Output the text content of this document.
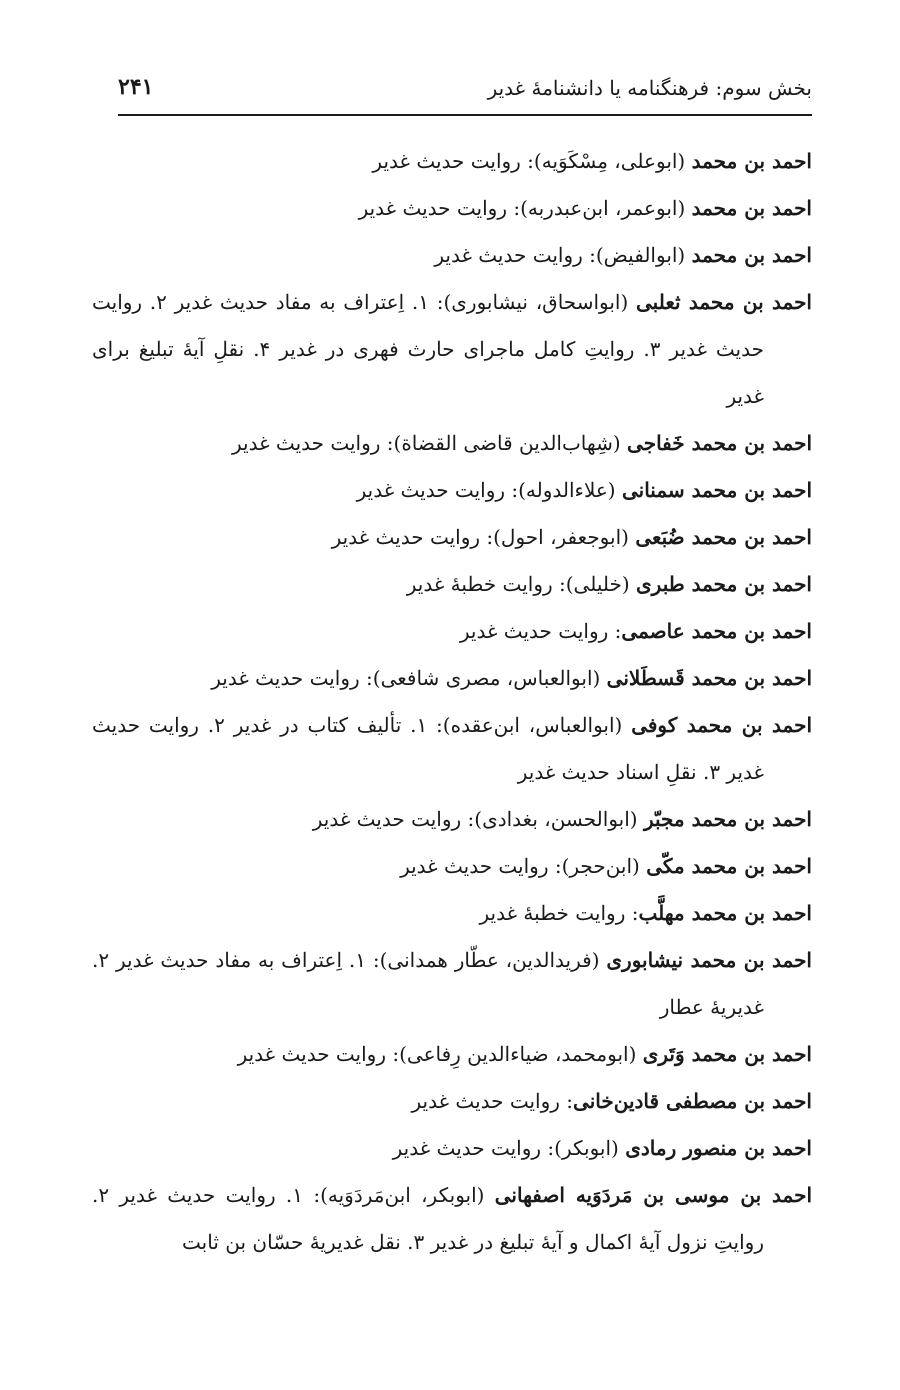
بخش سوم: فرهنگنامه یا دانشنامهٔ غدیر
۲۴۱

احمد بن محمد (ابوعلی، مِسْکَوَیه): روایت حدیث غدیر

احمد بن محمد (ابوعمر، ابن‌عبدربه): روایت حدیث غدیر

احمد بن محمد (ابوالفیض): روایت حدیث غدیر

احمد بن محمد ثعلبی (ابواسحاق، نیشابوری): ۱. اِعتراف به مفاد حدیث غدیر ۲. روایت حدیث غدیر ۳. روایتِ کامل ماجرای حارث فهری در غدیر ۴. نقلِ آیهٔ تبلیغ برای غدیر

احمد بن محمد خَفاجی (شِهاب‌الدین قاضی القضاة): روایت حدیث غدیر

احمد بن محمد سمنانی (علاءالدوله): روایت حدیث غدیر

احمد بن محمد ضُبَعی (ابوجعفر، احول): روایت حدیث غدیر

احمد بن محمد طبری (خلیلی): روایت خطبهٔ غدیر

احمد بن محمد عاصمی: روایت حدیث غدیر

احمد بن محمد قَسطَلانی (ابوالعباس، مصری شافعی): روایت حدیث غدیر

احمد بن محمد کوفی (ابوالعباس، ابن‌عقده): ۱. تألیف کتاب در غدیر ۲. روایت حدیث غدیر ۳. نقلِ اسناد حدیث غدیر

احمد بن محمد مجبّر (ابوالحسن، بغدادی): روایت حدیث غدیر

احمد بن محمد مکّی (ابن‌حجر): روایت حدیث غدیر

احمد بن محمد مهلَّب: روایت خطبهٔ غدیر

احمد بن محمد نیشابوری (فریدالدین، عطّار همدانی): ۱. اِعتراف به مفاد حدیث غدیر ۲. غدیریهٔ عطار

احمد بن محمد وَتَری (ابومحمد، ضیاءالدین رِفاعی): روایت حدیث غدیر

احمد بن مصطفی قادین‌خانی: روایت حدیث غدیر

احمد بن منصور رمادی (ابوبکر): روایت حدیث غدیر

احمد بن موسی بن مَردَوَیه اصفهانی (ابوبکر، ابن‌مَردَوَیه): ۱. روایت حدیث غدیر ۲. روایتِ نزول آیهٔ اکمال و آیهٔ تبلیغ در غدیر ۳. نقل غدیریهٔ حسّان بن ثابت
